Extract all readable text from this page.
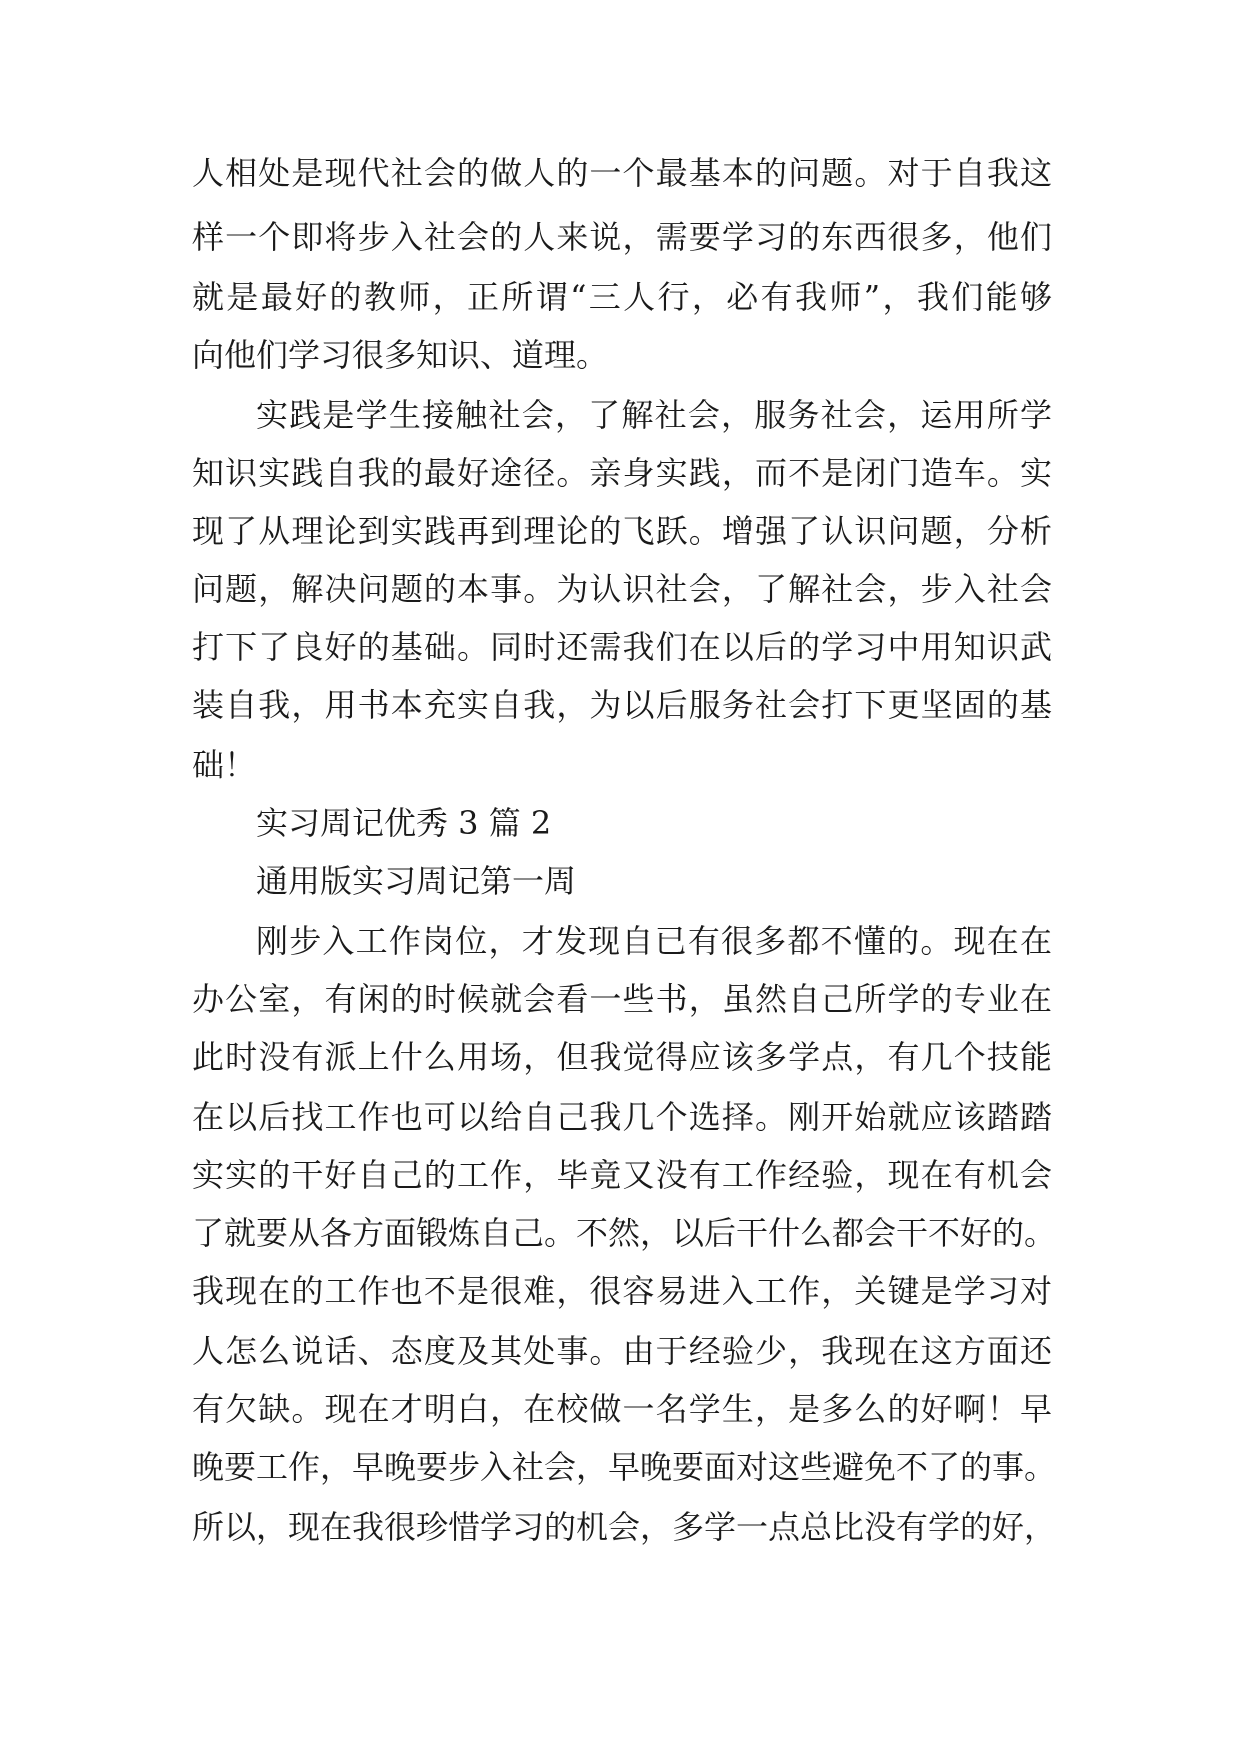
人相处是现代社会的做人的一个最基本的问题。对于自我这
样一个即将步入社会的人来说，需要学习的东西很多，他们
就是最好的教师，正所谓“三人行，必有我师”，我们能够
向他们学习很多知识、道理。
实践是学生接触社会，了解社会，服务社会，运用所学
知识实践自我的最好途径。亲身实践，而不是闭门造车。实
现了从理论到实践再到理论的飞跃。增强了认识问题，分析
问题，解决问题的本事。为认识社会，了解社会，步入社会
打下了良好的基础。同时还需我们在以后的学习中用知识武
装自我，用书本充实自我，为以后服务社会打下更坚固的基
础！
实习周记优秀 3 篇 2
通用版实习周记第一周
刚步入工作岗位，才发现自已有很多都不懂的。现在在
办公室，有闲的时候就会看一些书，虽然自己所学的专业在
此时没有派上什么用场，但我觉得应该多学点，有几个技能
在以后找工作也可以给自己我几个选择。刚开始就应该踏踏
实实的干好自己的工作，毕竟又没有工作经验，现在有机会
了就要从各方面锻炼自己。不然，以后干什么都会干不好的。
我现在的工作也不是很难，很容易进入工作，关键是学习对
人怎么说话、态度及其处事。由于经验少，我现在这方面还
有欠缺。现在才明白，在校做一名学生，是多么的好啊！早
晚要工作，早晚要步入社会，早晚要面对这些避免不了的事。
所以，现在我很珍惜学习的机会，多学一点总比没有学的好，
